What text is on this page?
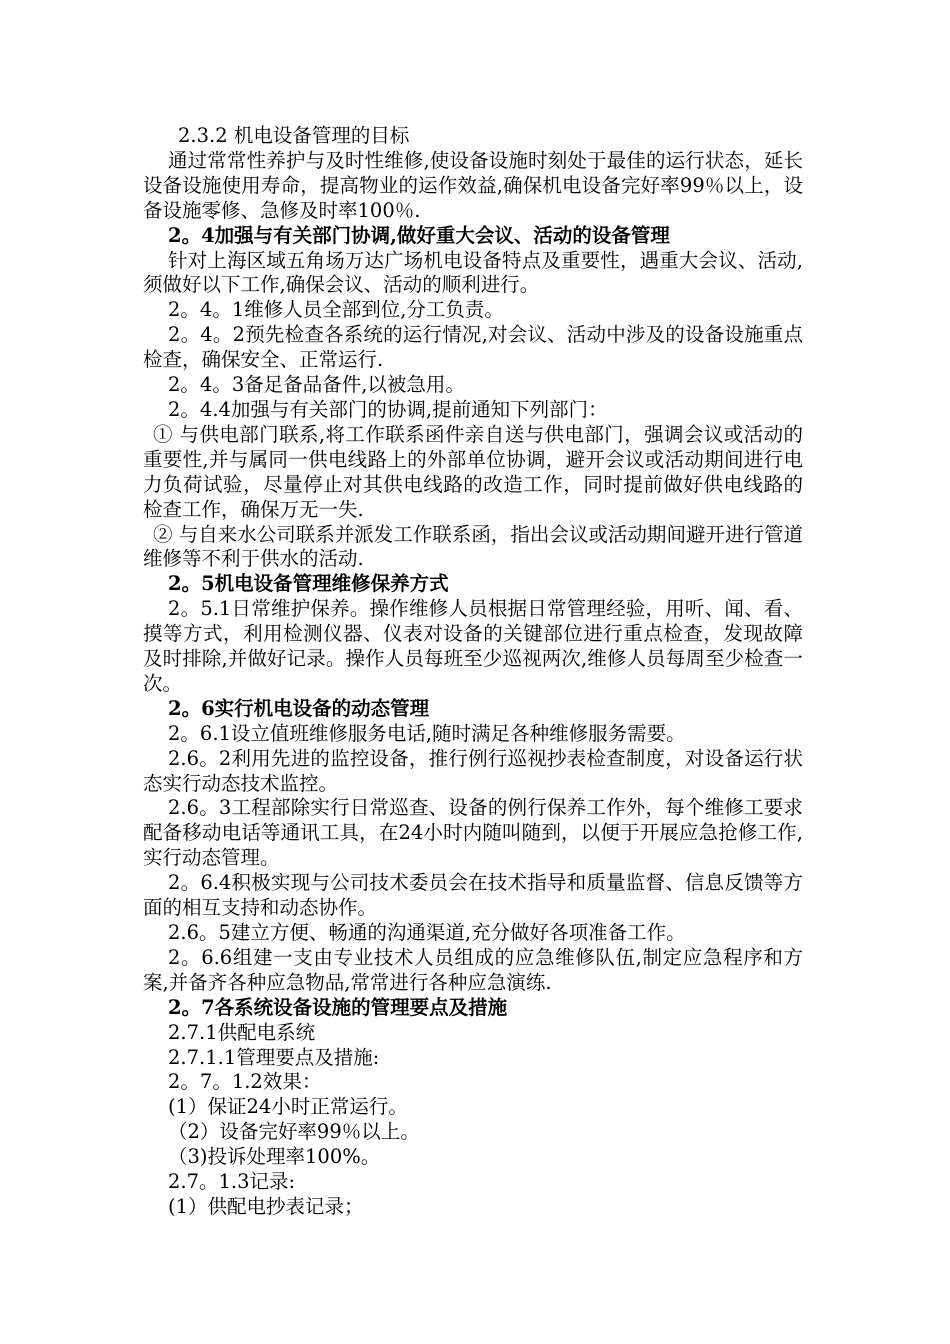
2.3.2 机电设备管理的目标

通过常常性养护与及时性维修,使设备设施时刻处于最佳的运行状态，延长设备设施使用寿命，提高物业的运作效益,确保机电设备完好率99％以上，设备设施零修、急修及时率100％.

2。4加强与有关部门协调,做好重大会议、活动的设备管理

针对上海区域五角场万达广场机电设备特点及重要性，遇重大会议、活动,须做好以下工作,确保会议、活动的顺利进行。

2。4。1维修人员全部到位,分工负责。

2。4。2预先检查各系统的运行情况,对会议、活动中涉及的设备设施重点检查，确保安全、正常运行.

2。4。3备足备品备件,以被急用。

2。4.4加强与有关部门的协调,提前通知下列部门：

① 与供电部门联系,将工作联系函件亲自送与供电部门，强调会议或活动的重要性,并与属同一供电线路上的外部单位协调，避开会议或活动期间进行电力负荷试验，尽量停止对其供电线路的改造工作，同时提前做好供电线路的检查工作，确保万无一失.

② 与自来水公司联系并派发工作联系函，指出会议或活动期间避开进行管道维修等不利于供水的活动.

2。5机电设备管理维修保养方式

2。5.1日常维护保养。操作维修人员根据日常管理经验，用听、闻、看、摸等方式，利用检测仪器、仪表对设备的关键部位进行重点检查，发现故障及时排除,并做好记录。操作人员每班至少巡视两次,维修人员每周至少检查一次。

2。6实行机电设备的动态管理

2。6.1设立值班维修服务电话,随时满足各种维修服务需要。

2.6。2利用先进的监控设备，推行例行巡视抄表检查制度，对设备运行状态实行动态技术监控。

2.6。3工程部除实行日常巡查、设备的例行保养工作外，每个维修工要求配备移动电话等通讯工具，在24小时内随叫随到，以便于开展应急抢修工作,实行动态管理。

2。6.4积极实现与公司技术委员会在技术指导和质量监督、信息反馈等方面的相互支持和动态协作。

2.6。5建立方便、畅通的沟通渠道,充分做好各项准备工作。

2。6.6组建一支由专业技术人员组成的应急维修队伍,制定应急程序和方案,并备齐各种应急物品,常常进行各种应急演练.

2。7各系统设备设施的管理要点及措施

2.7.1供配电系统

2.7.1.1管理要点及措施:

2。7。1.2效果：

(1）保证24小时正常运行。

（2）设备完好率99％以上。

（3)投诉处理率100%。

2.7。1.3记录:

(1）供配电抄表记录；
